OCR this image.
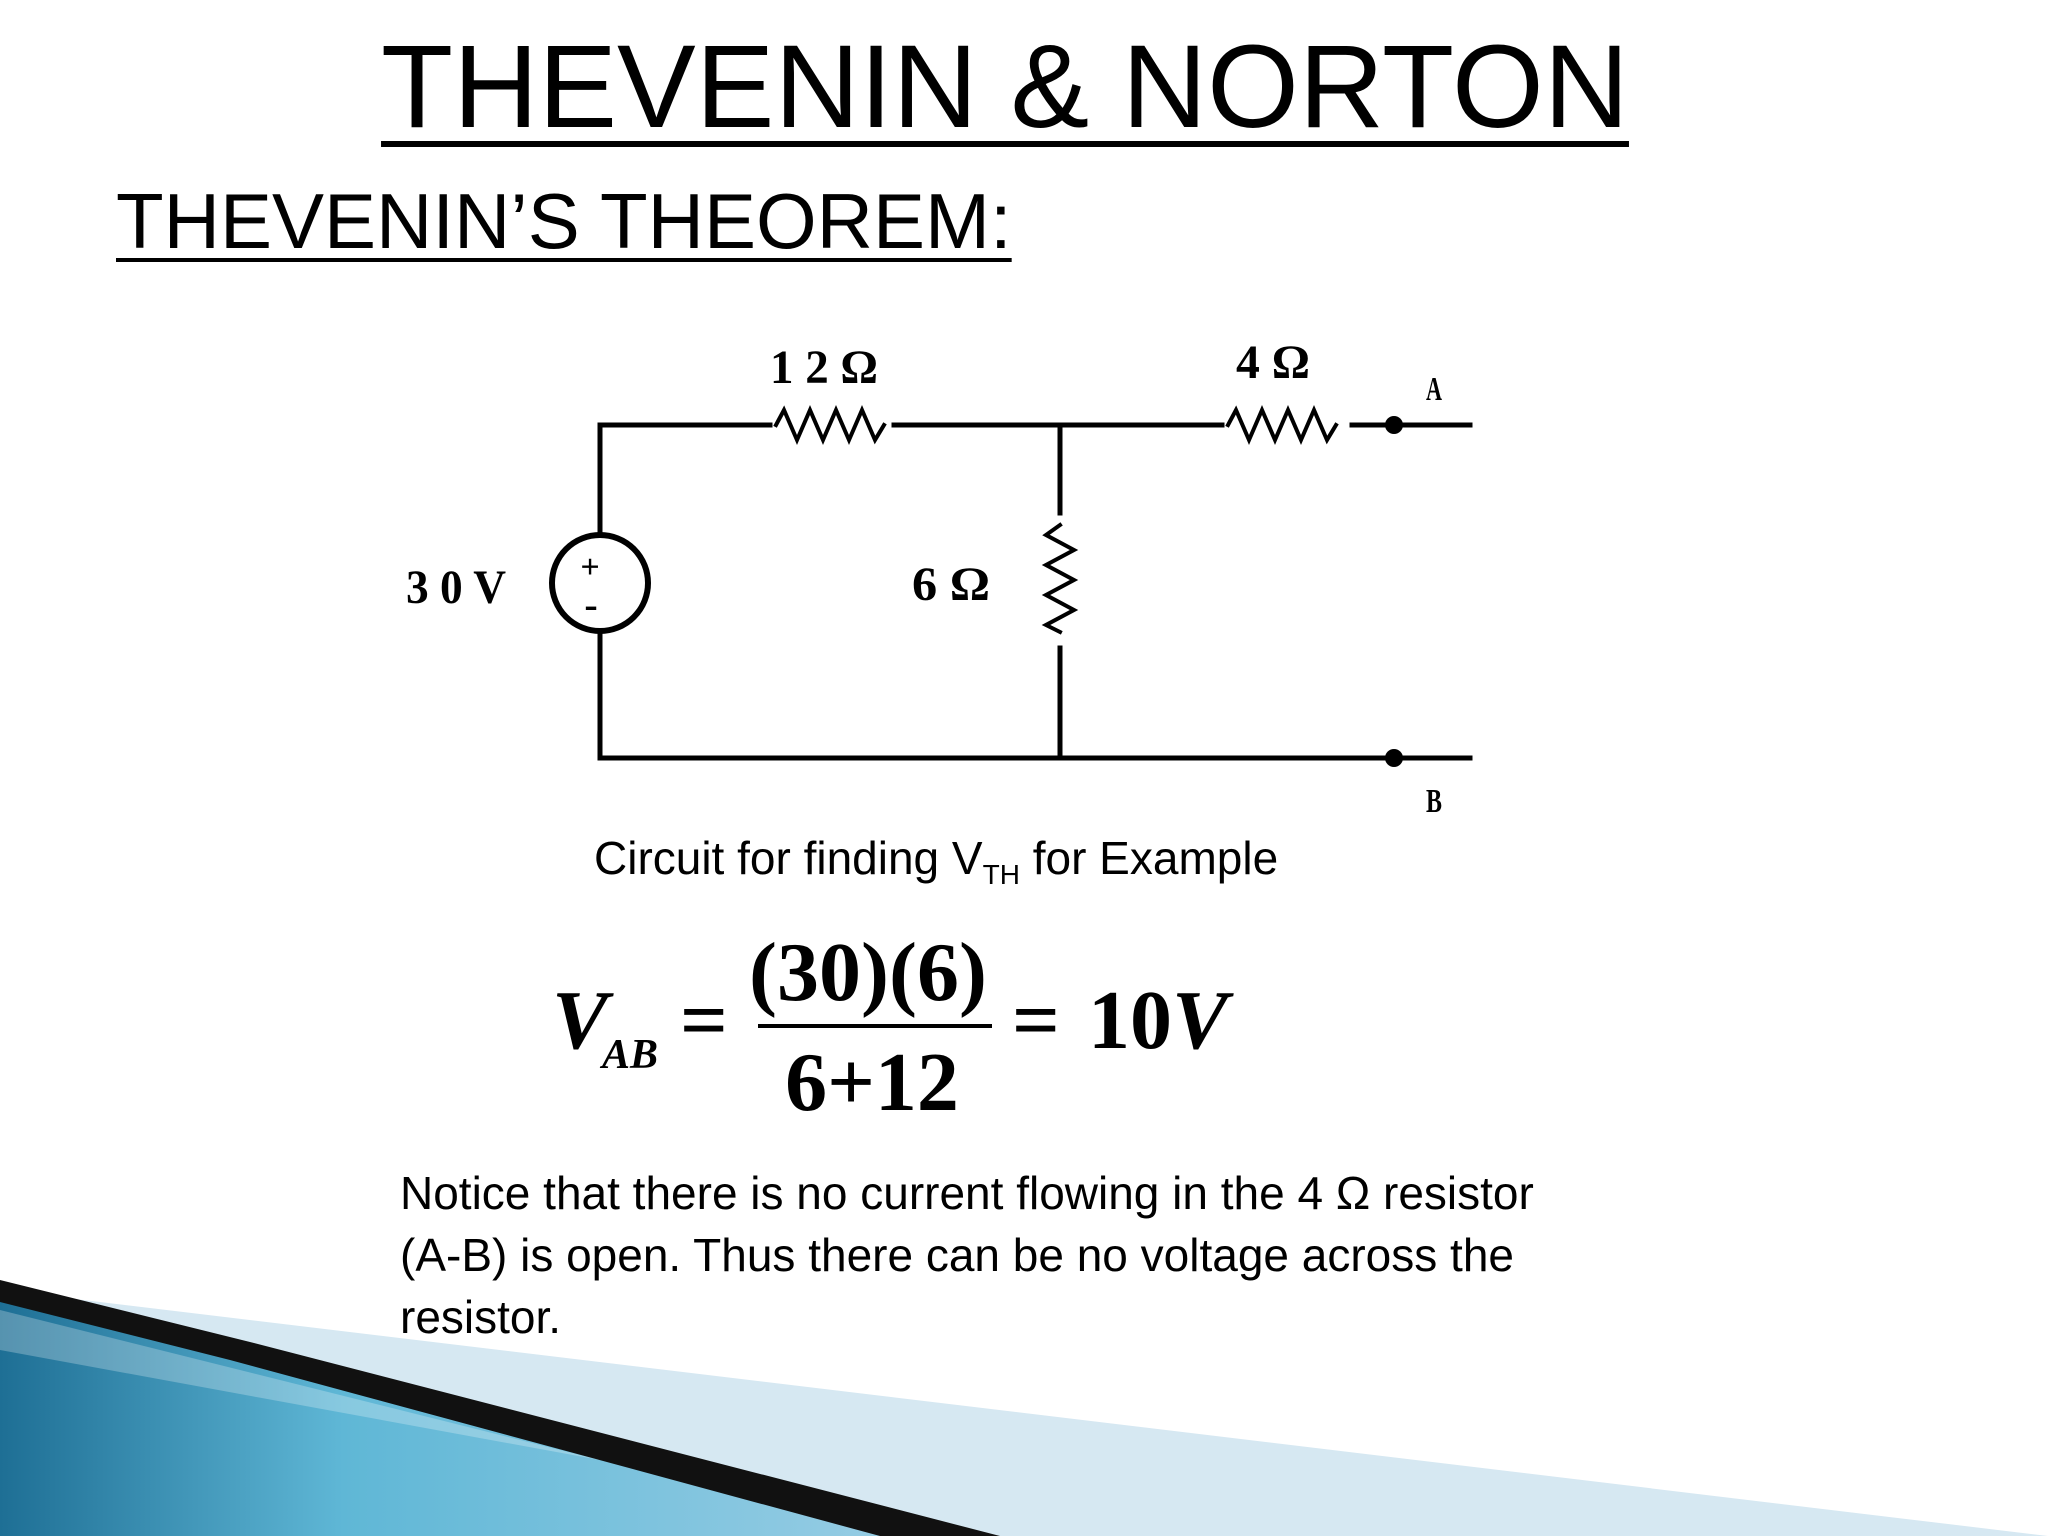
THEVENIN & NORTON
THEVENIN’S THEOREM:
+
-
1 2 Ω	4 Ω
6 Ω
3 0 V
A
B
Circuit for finding $V_{TH}$ for Example
V
AB =
(30)(6)
6+12
= 10 V

Notice that there is no current flowing in the 4 Ω resistor

(A-B) is open. Thus there can be no voltage across the

resistor.
